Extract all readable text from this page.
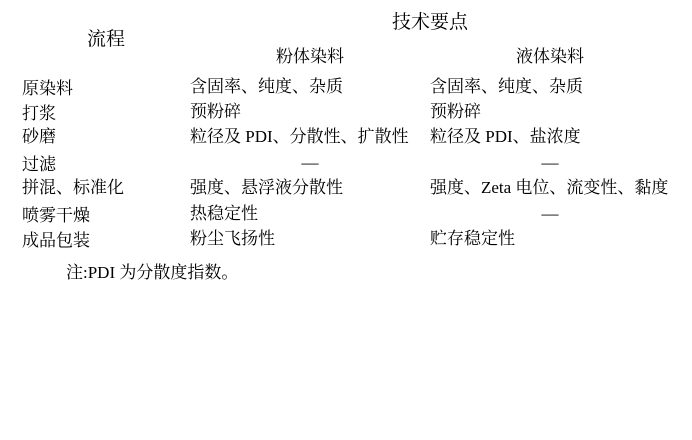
流程	技术要点	
	粉体染料	液体染料
原染料	含固率、纯度、杂质	含固率、纯度、杂质
打浆	预粉碎	预粉碎
砂磨	粒径及 PDI、分散性、扩散性	粒径及 PDI、盐浓度
过滤	—	—
拼混、标准化	强度、悬浮液分散性	强度、Zeta 电位、流变性、黏度
喷雾干燥	热稳定性	—
成品包装	粉尘飞扬性	贮存稳定性
注:PDI 为分散度指数。
